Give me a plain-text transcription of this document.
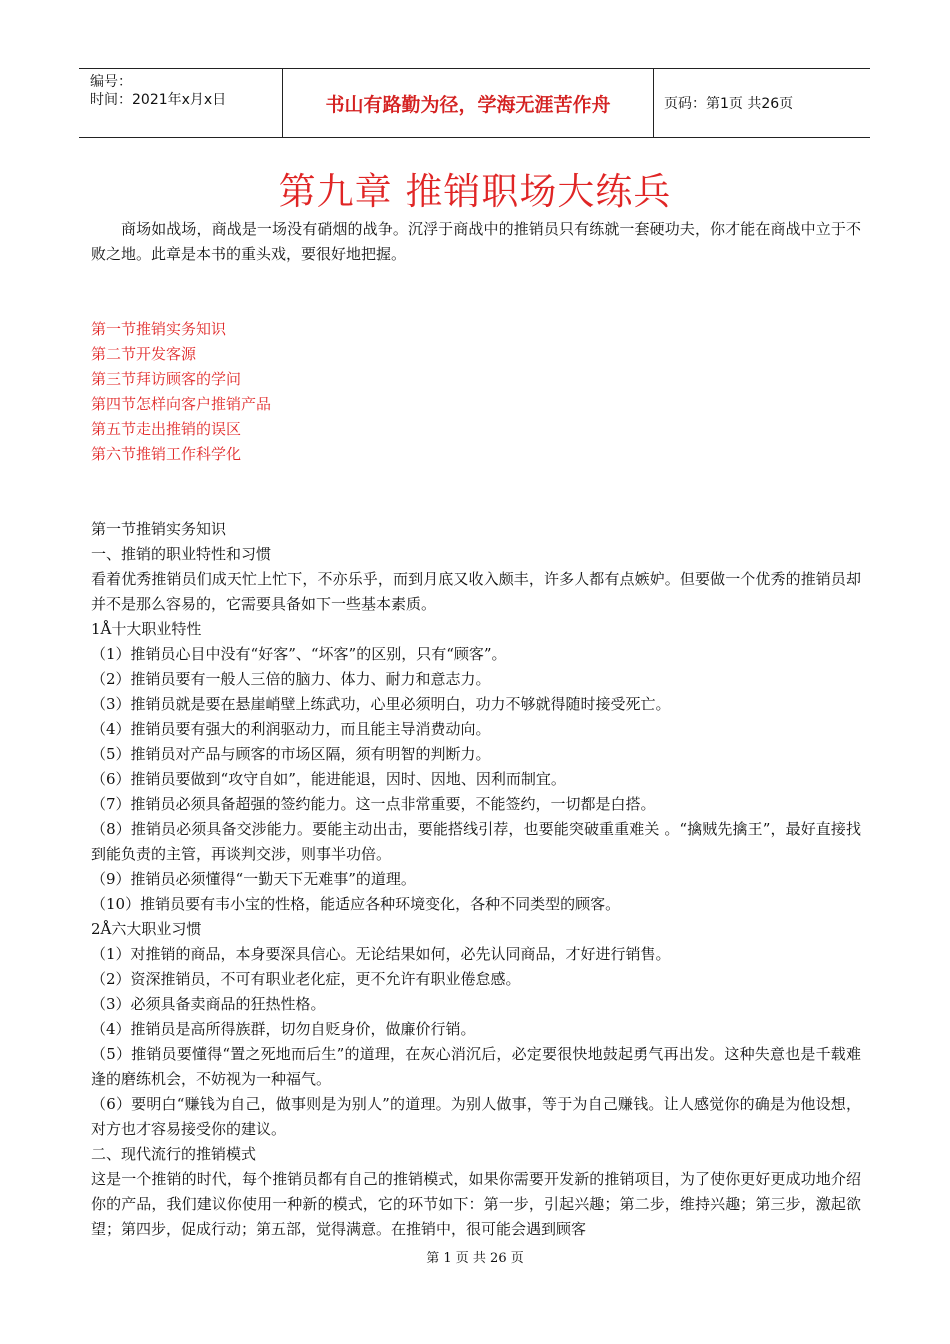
编号：
时间：2021年x月x日	书山有路勤为径，学海无涯苦作舟	页码：第1页 共26页
第九章 推销职场大练兵

商场如战场，商战是一场没有硝烟的战争。沉浮于商战中的推销员只有练就一套硬功夫，你才能在商战中立于不败之地。此章是本书的重头戏，要很好地把握。

第一节推销实务知识
第二节开发客源
第三节拜访顾客的学问
第四节怎样向客户推销产品
第五节走出推销的误区
第六节推销工作科学化

第一节推销实务知识

一、推销的职业特性和习惯

看着优秀推销员们成天忙上忙下，不亦乐乎，而到月底又收入颇丰，许多人都有点嫉妒。但要做一个优秀的推销员却并不是那么容易的，它需要具备如下一些基本素质。

1Å十大职业特性

（1）推销员心目中没有“好客”、“坏客”的区别，只有“顾客”。

（2）推销员要有一般人三倍的脑力、体力、耐力和意志力。

（3）推销员就是要在悬崖峭壁上练武功，心里必须明白，功力不够就得随时接受死亡。

（4）推销员要有强大的利润驱动力，而且能主导消费动向。

（5）推销员对产品与顾客的市场区隔，须有明智的判断力。

（6）推销员要做到“攻守自如”，能进能退，因时、因地、因利而制宜。

（7）推销员必须具备超强的签约能力。这一点非常重要，不能签约，一切都是白搭。

（8）推销员必须具备交涉能力。要能主动出击，要能搭线引荐，也要能突破重重难关 。“擒贼先擒王”，最好直接找到能负责的主管，再谈判交涉，则事半功倍。

（9）推销员必须懂得“一勤天下无难事”的道理。

（10）推销员要有韦小宝的性格，能适应各种环境变化，各种不同类型的顾客。

2Å六大职业习惯

（1）对推销的商品，本身要深具信心。无论结果如何，必先认同商品，才好进行销售。

（2）资深推销员，不可有职业老化症，更不允许有职业倦怠感。

（3）必须具备卖商品的狂热性格。

（4）推销员是高所得族群，切勿自贬身价，做廉价行销。

（5）推销员要懂得“置之死地而后生”的道理，在灰心消沉后，必定要很快地鼓起勇气再出发。这种失意也是千载难逢的磨练机会，不妨视为一种福气。

（6）要明白“赚钱为自己，做事则是为别人”的道理。为别人做事，等于为自己赚钱。让人感觉你的确是为他设想，对方也才容易接受你的建议。

二、现代流行的推销模式

这是一个推销的时代，每个推销员都有自己的推销模式，如果你需要开发新的推销项目，为了使你更好更成功地介绍你的产品，我们建议你使用一种新的模式，它的环节如下：第一步，引起兴趣；第二步，维持兴趣；第三步，激起欲望；第四步，促成行动；第五部，觉得满意。在推销中，很可能会遇到顾客

第 1 页 共 26 页
